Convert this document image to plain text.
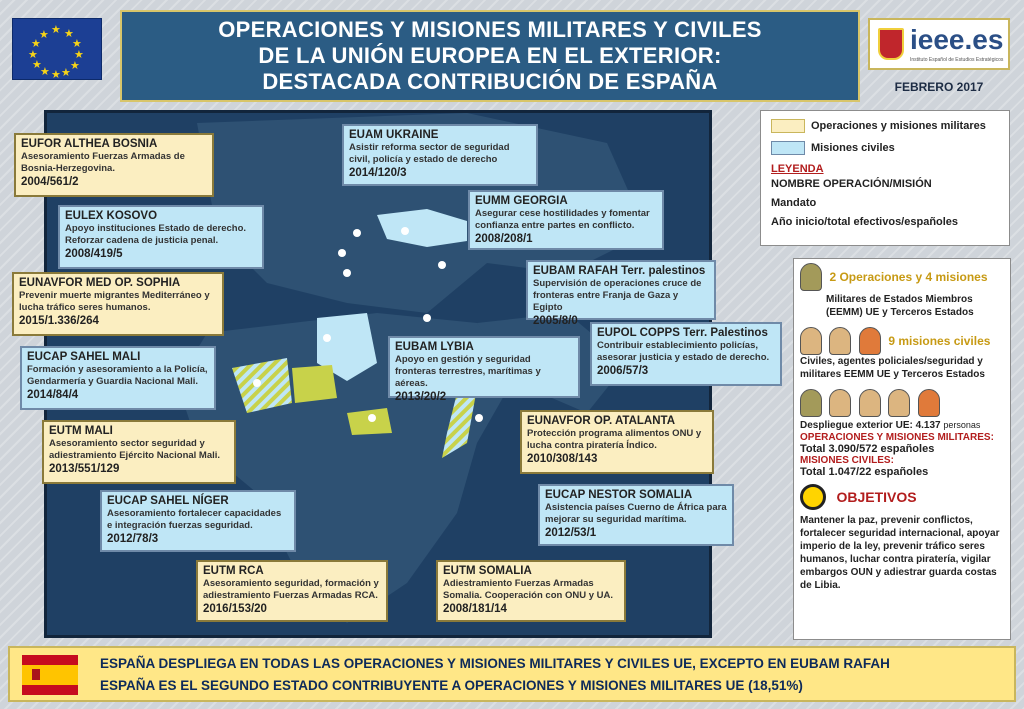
★ ★
★
★
★
★
★
★
★
★
★
★	OPERACIONES Y MISIONES MILITARES Y CIVILES
DE LA UNIÓN EUROPEA EN EL EXTERIOR:
DESTACADA CONTRIBUCIÓN DE ESPAÑA
ieee.es
Instituto Español de Estudios Estratégicos
FEBRERO 2017
EUFOR ALTHEA BOSNIA
Asesoramiento Fuerzas Armadas de Bosnia-Herzegovina.
2004/561/2
EULEX KOSOVO
Apoyo instituciones Estado de derecho. Reforzar cadena de justicia penal.
2008/419/5
EUNAVFOR MED OP. SOPHIA
Prevenir muerte migrantes Mediterráneo y lucha tráfico seres humanos.
2015/1.336/264
EUCAP SAHEL MALI
Formación y asesoramiento a la Policía, Gendarmería y Guardia Nacional Mali.
2014/84/4
EUTM MALI
Asesoramiento sector seguridad y adiestramiento Ejército Nacional Mali.
2013/551/129
EUCAP SAHEL NÍGER
Asesoramiento fortalecer capacidades e integración fuerzas seguridad.
2012/78/3
EUTM RCA
Asesoramiento seguridad, formación y adiestramiento Fuerzas Armadas RCA.
2016/153/20
EUTM SOMALIA
Adiestramiento Fuerzas Armadas Somalia. Cooperación con ONU y UA.
2008/181/14
EUCAP NESTOR SOMALIA
Asistencia países Cuerno de África para mejorar su seguridad marítima.
2012/53/1
EUNAVFOR OP. ATALANTA
Protección programa alimentos ONU y lucha contra piratería Índico.
2010/308/143
EUPOL COPPS Terr. Palestinos
Contribuir establecimiento policías, asesorar justicia y estado de derecho.
2006/57/3
EUBAM LYBIA
Apoyo en gestión y seguridad fronteras terrestres, marítimas y aéreas.
2013/20/2
EUBAM RAFAH Terr. palestinos
Supervisión de operaciones cruce de fronteras entre Franja de Gaza y Egipto
2005/8/0
EUMM GEORGIA
Asegurar cese hostilidades y fomentar confianza entre partes en conflicto.
2008/208/1
EUAM UKRAINE
Asistir reforma sector de seguridad civil, policía y estado de derecho
2014/120/3
Operaciones y misiones militares
Misiones civiles
LEYENDA
NOMBRE OPERACIÓN/MISIÓN
Mandato
Año inicio/total efectivos/españoles
2 Operaciones y 4 misiones
Militares de Estados Miembros (EEMM) UE y Terceros Estados
9 misiones civiles
Civiles, agentes policiales/seguridad y militares EEMM UE y Terceros Estados

Despliegue exterior UE: 4.137 personas
OPERACIONES Y MISIONES MILITARES:
Total 3.090/572 españoles
MISIONES CIVILES:
Total 1.047/22 españoles
OBJETIVOS
Mantener la paz, prevenir conflictos, fortalecer seguridad internacional, apoyar imperio de la ley, prevenir tráfico seres humanos, luchar contra piratería, vigilar embargos OUN y adiestrar guarda costas de Libia.
ESPAÑA DESPLIEGA EN TODAS LAS OPERACIONES Y MISIONES MILITARES Y CIVILES UE, EXCEPTO EN EUBAM RAFAH
ESPAÑA ES EL SEGUNDO ESTADO CONTRIBUYENTE A OPERACIONES Y MISIONES MILITARES UE (18,51%)
